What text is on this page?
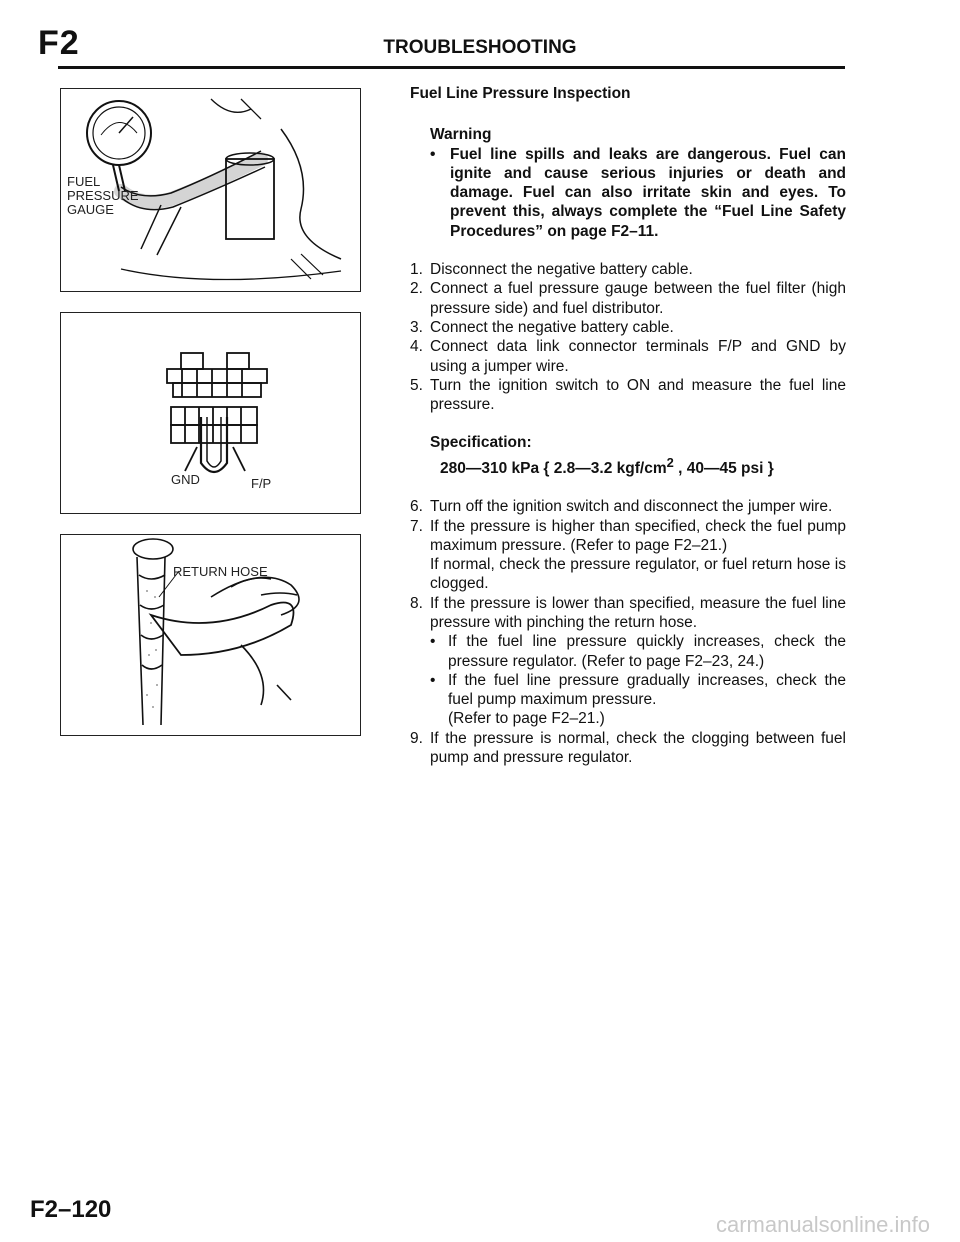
F2	TROUBLESHOOTING
FUEL
PRESSURE
GAUGE
GND	F/P
RETURN HOSE
Fuel Line Pressure Inspection
Warning
• Fuel line spills and leaks are dangerous. Fuel can ignite and cause serious injuries or death and damage. Fuel can also irritate skin and eyes. To prevent this, always complete the “Fuel Line Safety Procedures” on page F2–11.
1. Disconnect the negative battery cable.
2. Connect a fuel pressure gauge between the fuel filter (high pressure side) and fuel distributor.
3. Connect the negative battery cable.
4. Connect data link connector terminals F/P and GND by using a jumper wire.
5. Turn the ignition switch to ON and measure the fuel line pressure.
Specification:
280—310 kPa { 2.8—3.2 kgf/$cm^2$ , 40—45 psi }
6. Turn off the ignition switch and disconnect the jumper wire.
7. If the pressure is higher than specified, check the fuel pump maximum pressure. (Refer to page F2–21.)
If normal, check the pressure regulator, or fuel return hose is clogged.
8. If the pressure is lower than specified, measure the fuel line pressure with pinching the return hose.
• If the fuel line pressure quickly increases, check the pressure regulator. (Refer to page F2–23, 24.)
• If the fuel line pressure gradually increases, check the fuel pump maximum pressure.
(Refer to page F2–21.)
9. If the pressure is normal, check the clogging between fuel pump and pressure regulator.
F2–120
carmanualsonline.info
